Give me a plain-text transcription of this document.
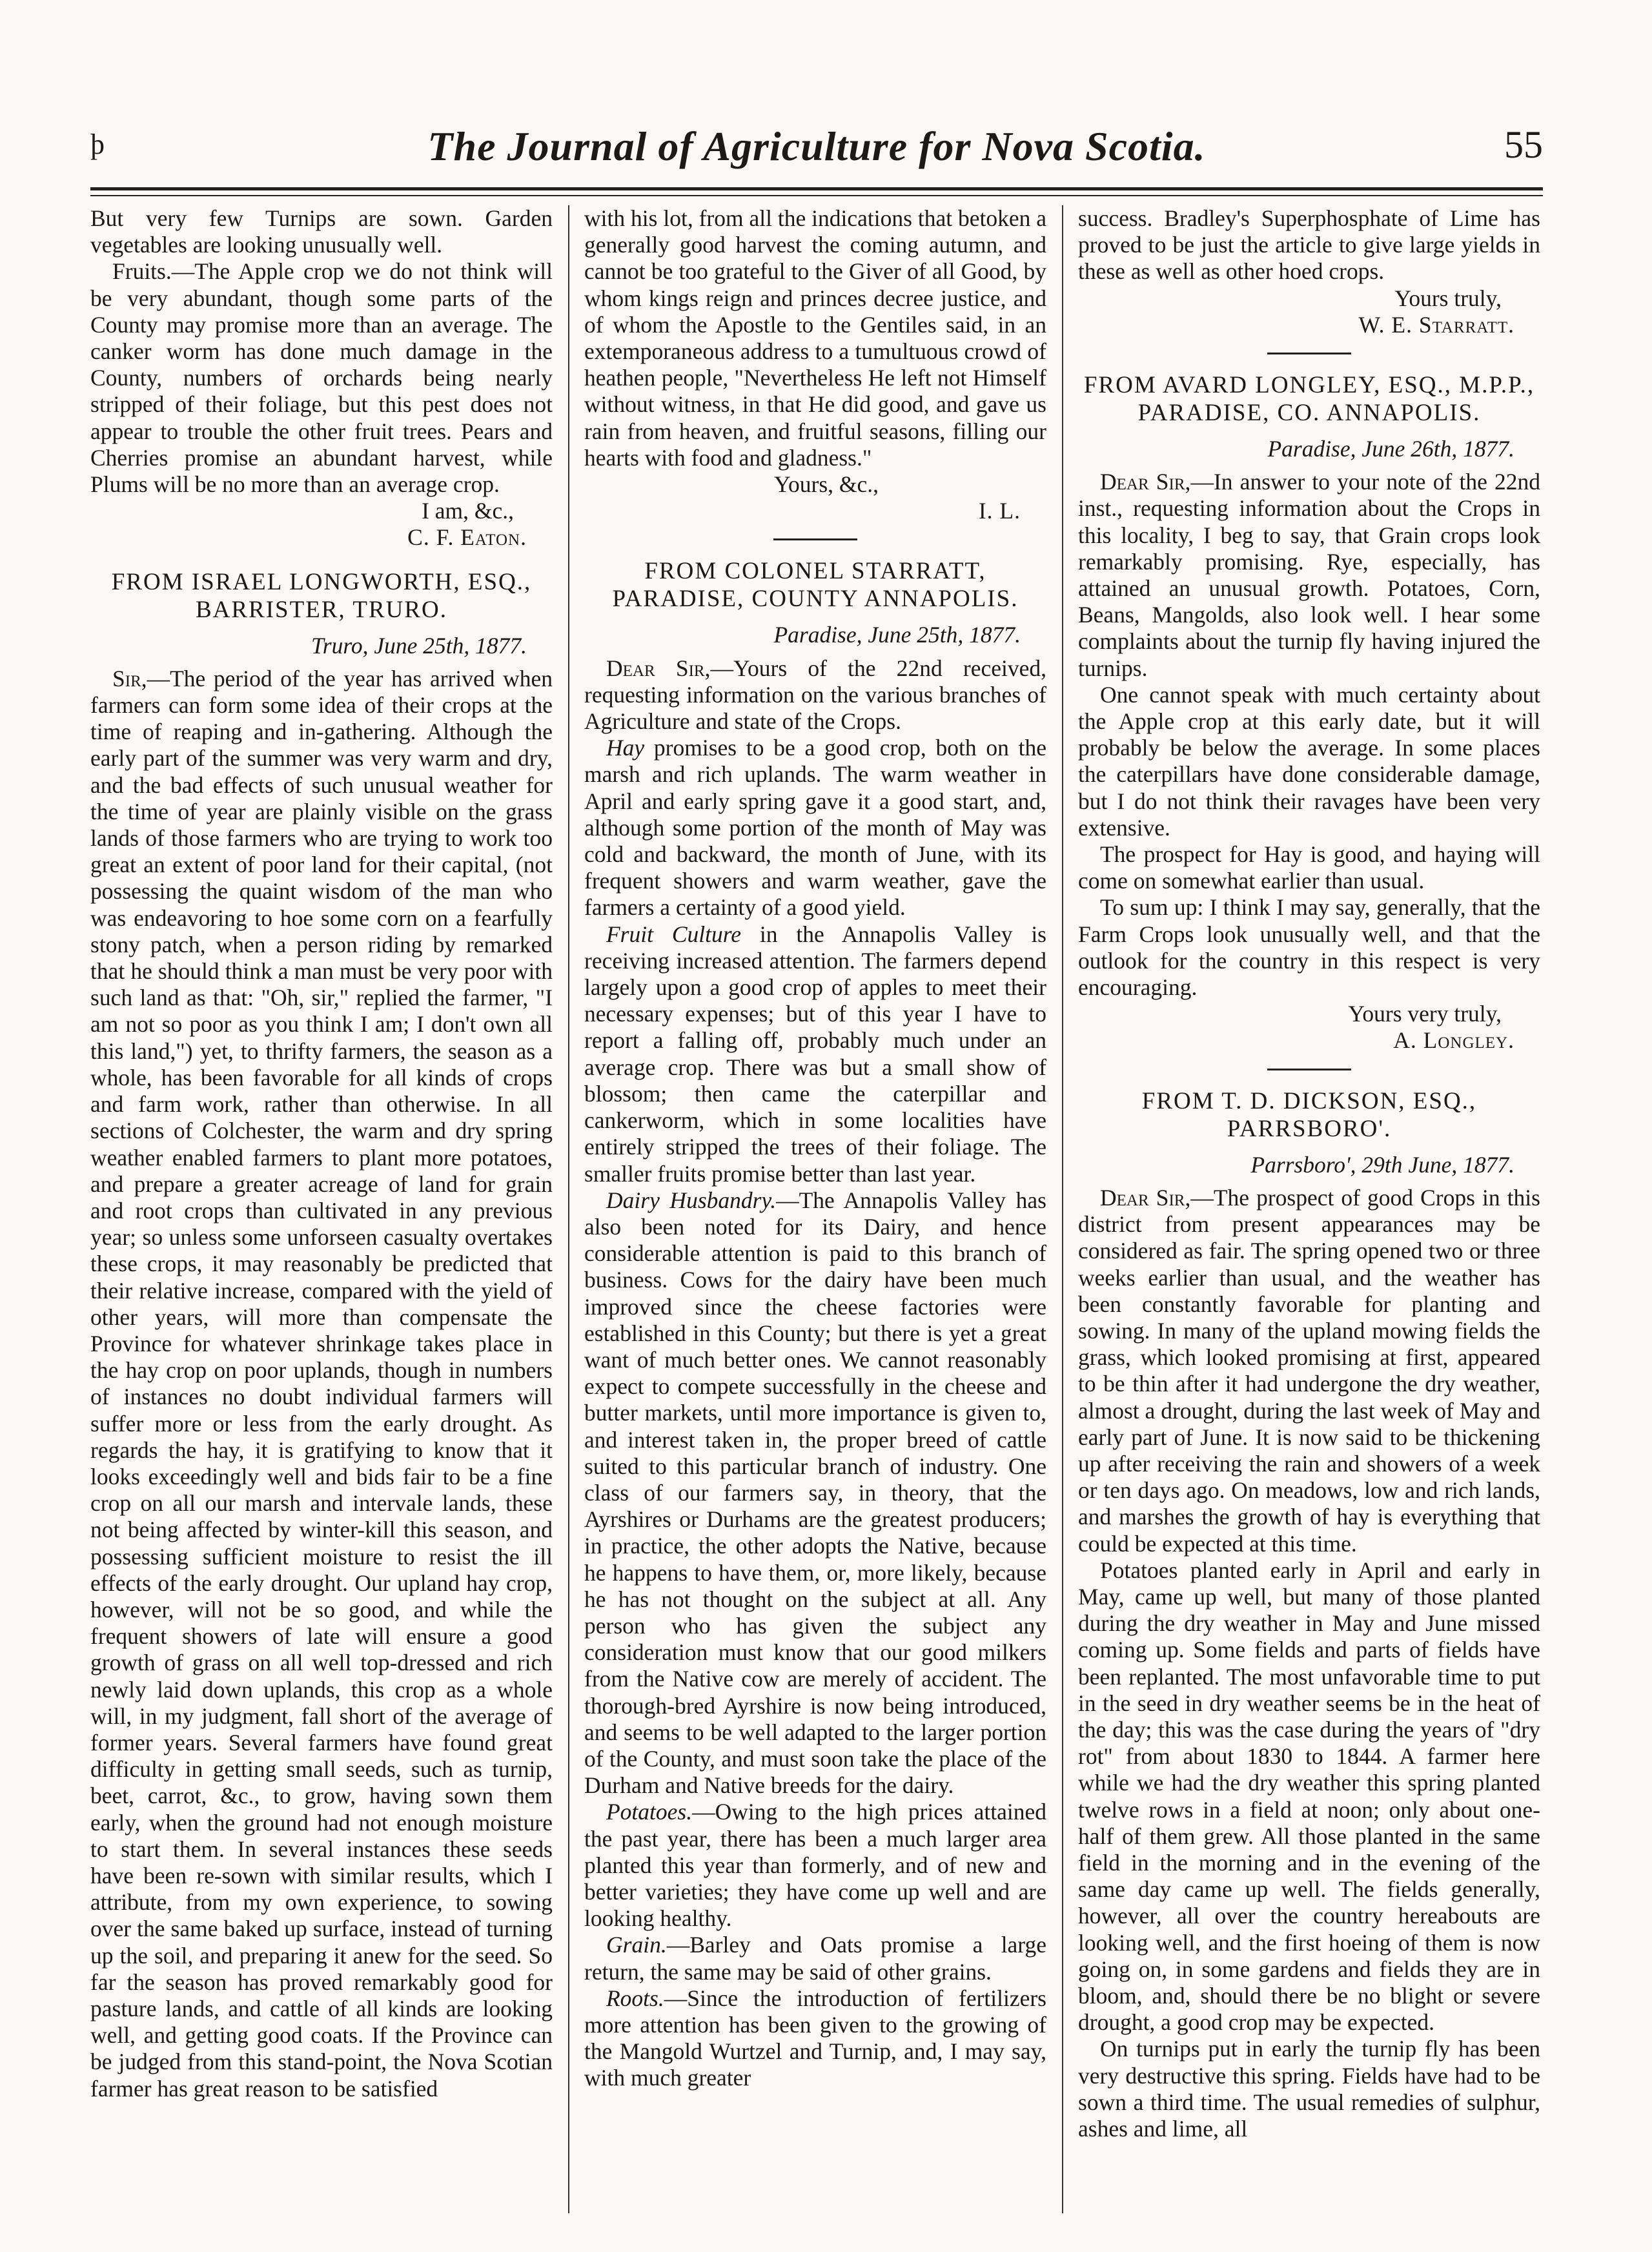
þ	The Journal of Agriculture for Nova Scotia.	55

But very few Turnips are sown. Garden vegetables are looking unusually well.

Fruits.—The Apple crop we do not think will be very abundant, though some parts of the County may promise more than an average. The canker worm has done much damage in the County, numbers of orchards being nearly stripped of their foliage, but this pest does not appear to trouble the other fruit trees. Pears and Cherries promise an abundant harvest, while Plums will be no more than an average crop.

I am, &c.,

C. F. Eaton.

FROM ISRAEL LONGWORTH, ESQ., BARRISTER, TRURO.
Truro, June 25th, 1877.

Sir,—The period of the year has arrived when farmers can form some idea of their crops at the time of reaping and in-gathering. Although the early part of the summer was very warm and dry, and the bad effects of such unusual weather for the time of year are plainly visible on the grass lands of those farmers who are trying to work too great an extent of poor land for their capital, (not possessing the quaint wisdom of the man who was endeavoring to hoe some corn on a fearfully stony patch, when a person riding by remarked that he should think a man must be very poor with such land as that: "Oh, sir," replied the farmer, "I am not so poor as you think I am; I don't own all this land,") yet, to thrifty farmers, the season as a whole, has been favorable for all kinds of crops and farm work, rather than otherwise. In all sections of Colchester, the warm and dry spring weather enabled farmers to plant more potatoes, and prepare a greater acreage of land for grain and root crops than cultivated in any previous year; so unless some unforseen casualty overtakes these crops, it may reasonably be predicted that their relative increase, compared with the yield of other years, will more than compensate the Province for whatever shrinkage takes place in the hay crop on poor uplands, though in numbers of instances no doubt individual farmers will suffer more or less from the early drought. As regards the hay, it is gratifying to know that it looks exceedingly well and bids fair to be a fine crop on all our marsh and intervale lands, these not being affected by winter-kill this season, and possessing sufficient moisture to resist the ill effects of the early drought. Our upland hay crop, however, will not be so good, and while the frequent showers of late will ensure a good growth of grass on all well top-dressed and rich newly laid down uplands, this crop as a whole will, in my judgment, fall short of the average of former years. Several farmers have found great difficulty in getting small seeds, such as turnip, beet, carrot, &c., to grow, having sown them early, when the ground had not enough moisture to start them. In several instances these seeds have been re-sown with similar results, which I attribute, from my own experience, to sowing over the same baked up surface, instead of turning up the soil, and preparing it anew for the seed. So far the season has proved remarkably good for pasture lands, and cattle of all kinds are looking well, and getting good coats. If the Province can be judged from this stand-point, the Nova Scotian farmer has great reason to be satisfied

with his lot, from all the indications that betoken a generally good harvest the coming autumn, and cannot be too grateful to the Giver of all Good, by whom kings reign and princes decree justice, and of whom the Apostle to the Gentiles said, in an extemporaneous address to a tumultuous crowd of heathen people, "Nevertheless He left not Himself without witness, in that He did good, and gave us rain from heaven, and fruitful seasons, filling our hearts with food and gladness."

Yours, &c.,

I. L.

FROM COLONEL STARRATT, PARADISE, COUNTY ANNAPOLIS.
Paradise, June 25th, 1877.

Dear Sir,—Yours of the 22nd received, requesting information on the various branches of Agriculture and state of the Crops.

Hay promises to be a good crop, both on the marsh and rich uplands. The warm weather in April and early spring gave it a good start, and, although some portion of the month of May was cold and backward, the month of June, with its frequent showers and warm weather, gave the farmers a certainty of a good yield.

Fruit Culture in the Annapolis Valley is receiving increased attention. The farmers depend largely upon a good crop of apples to meet their necessary expenses; but of this year I have to report a falling off, probably much under an average crop. There was but a small show of blossom; then came the caterpillar and cankerworm, which in some localities have entirely stripped the trees of their foliage. The smaller fruits promise better than last year.

Dairy Husbandry.—The Annapolis Valley has also been noted for its Dairy, and hence considerable attention is paid to this branch of business. Cows for the dairy have been much improved since the cheese factories were established in this County; but there is yet a great want of much better ones. We cannot reasonably expect to compete successfully in the cheese and butter markets, until more importance is given to, and interest taken in, the proper breed of cattle suited to this particular branch of industry. One class of our farmers say, in theory, that the Ayrshires or Durhams are the greatest producers; in practice, the other adopts the Native, because he happens to have them, or, more likely, because he has not thought on the subject at all. Any person who has given the subject any consideration must know that our good milkers from the Native cow are merely of accident. The thorough-bred Ayrshire is now being introduced, and seems to be well adapted to the larger portion of the County, and must soon take the place of the Durham and Native breeds for the dairy.

Potatoes.—Owing to the high prices attained the past year, there has been a much larger area planted this year than formerly, and of new and better varieties; they have come up well and are looking healthy.

Grain.—Barley and Oats promise a large return, the same may be said of other grains.

Roots.—Since the introduction of fertilizers more attention has been given to the growing of the Mangold Wurtzel and Turnip, and, I may say, with much greater

success. Bradley's Superphosphate of Lime has proved to be just the article to give large yields in these as well as other hoed crops.

Yours truly,

W. E. Starratt.

FROM AVARD LONGLEY, ESQ., M.P.P., PARADISE, CO. ANNAPOLIS.
Paradise, June 26th, 1877.

Dear Sir,—In answer to your note of the 22nd inst., requesting information about the Crops in this locality, I beg to say, that Grain crops look remarkably promising. Rye, especially, has attained an unusual growth. Potatoes, Corn, Beans, Mangolds, also look well. I hear some complaints about the turnip fly having injured the turnips.

One cannot speak with much certainty about the Apple crop at this early date, but it will probably be below the average. In some places the caterpillars have done considerable damage, but I do not think their ravages have been very extensive.

The prospect for Hay is good, and haying will come on somewhat earlier than usual.

To sum up: I think I may say, generally, that the Farm Crops look unusually well, and that the outlook for the country in this respect is very encouraging.

Yours very truly,

A. Longley.

FROM T. D. DICKSON, ESQ., PARRSBORO'.
Parrsboro', 29th June, 1877.

Dear Sir,—The prospect of good Crops in this district from present appearances may be considered as fair. The spring opened two or three weeks earlier than usual, and the weather has been constantly favorable for planting and sowing. In many of the upland mowing fields the grass, which looked promising at first, appeared to be thin after it had undergone the dry weather, almost a drought, during the last week of May and early part of June. It is now said to be thickening up after receiving the rain and showers of a week or ten days ago. On meadows, low and rich lands, and marshes the growth of hay is everything that could be expected at this time.

Potatoes planted early in April and early in May, came up well, but many of those planted during the dry weather in May and June missed coming up. Some fields and parts of fields have been replanted. The most unfavorable time to put in the seed in dry weather seems be in the heat of the day; this was the case during the years of "dry rot" from about 1830 to 1844. A farmer here while we had the dry weather this spring planted twelve rows in a field at noon; only about one-half of them grew. All those planted in the same field in the morning and in the evening of the same day came up well. The fields generally, however, all over the country hereabouts are looking well, and the first hoeing of them is now going on, in some gardens and fields they are in bloom, and, should there be no blight or severe drought, a good crop may be expected.

On turnips put in early the turnip fly has been very destructive this spring. Fields have had to be sown a third time. The usual remedies of sulphur, ashes and lime, all
